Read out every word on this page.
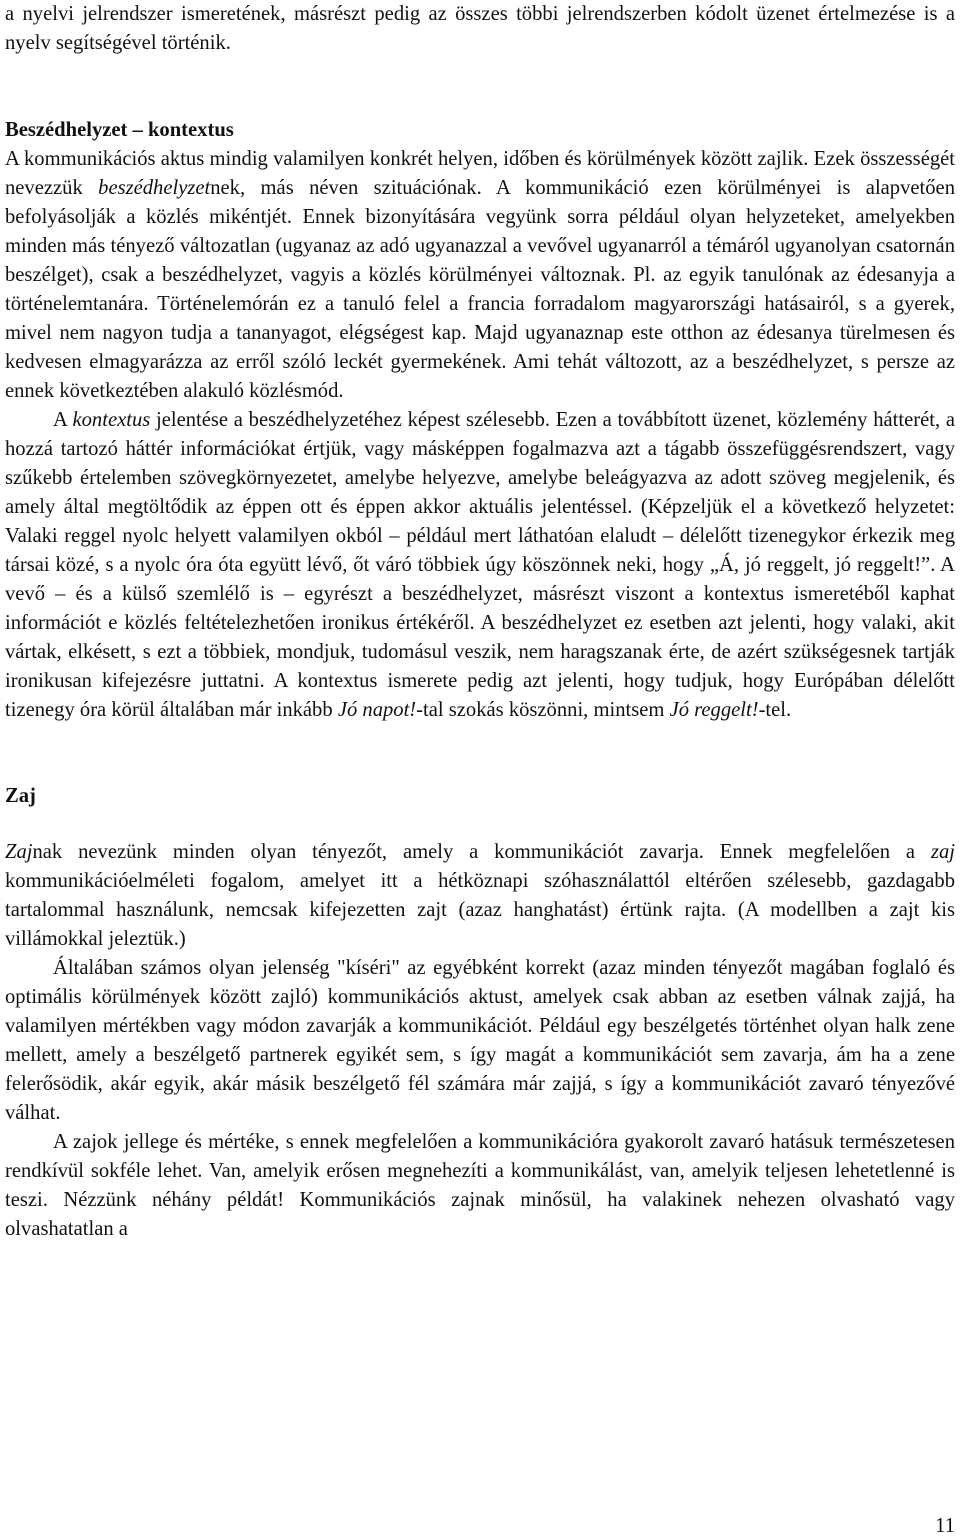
a nyelvi jelrendszer ismeretének, másrészt pedig az összes többi jelrendszerben kódolt üzenet értelmezése is a nyelv segítségével történik.

Beszédhelyzet – kontextus

A kommunikációs aktus mindig valamilyen konkrét helyen, időben és körülmények között zajlik. Ezek összességét nevezzük beszédhelyzetnek, más néven szituációnak. A kommunikáció ezen körülményei is alapvetően befolyásolják a közlés mikéntjét. Ennek bizonyítására vegyünk sorra például olyan helyzeteket, amelyekben minden más tényező változatlan (ugyanaz az adó ugyanazzal a vevővel ugyanarról a témáról ugyanolyan csatornán beszélget), csak a beszédhelyzet, vagyis a közlés körülményei változnak. Pl. az egyik tanulónak az édesanyja a történelemtanára. Történelemórán ez a tanuló felel a francia forradalom magyarországi hatásairól, s a gyerek, mivel nem nagyon tudja a tananyagot, elégségest kap. Majd ugyanaznap este otthon az édesanya türelmesen és kedvesen elmagyarázza az erről szóló leckét gyermekének. Ami tehát változott, az a beszédhelyzet, s persze az ennek következtében alakuló közlésmód.

A kontextus jelentése a beszédhelyzetéhez képest szélesebb. Ezen a továbbított üzenet, közlemény hátterét, a hozzá tartozó háttér információkat értjük, vagy másképpen fogalmazva azt a tágabb összefüggésrendszert, vagy szűkebb értelemben szövegkörnyezetet, amelybe helyezve, amelybe beleágyazva az adott szöveg megjelenik, és amely által megtöltődik az éppen ott és éppen akkor aktuális jelentéssel. (Képzeljük el a következő helyzetet: Valaki reggel nyolc helyett valamilyen okból – például mert láthatóan elaludt – délelőtt tizenegykor érkezik meg társai közé, s a nyolc óra óta együtt lévő, őt váró többiek úgy köszönnek neki, hogy „Á, jó reggelt, jó reggelt!”. A vevő – és a külső szemlélő is – egyrészt a beszédhelyzet, másrészt viszont a kontextus ismeretéből kaphat információt e közlés feltételezhetően ironikus értékéről. A beszédhelyzet ez esetben azt jelenti, hogy valaki, akit vártak, elkésett, s ezt a többiek, mondjuk, tudomásul veszik, nem haragszanak érte, de azért szükségesnek tartják ironikusan kifejezésre juttatni. A kontextus ismerete pedig azt jelenti, hogy tudjuk, hogy Európában délelőtt tizenegy óra körül általában már inkább Jó napot!-tal szokás köszönni, mintsem Jó reggelt!-tel.

Zaj

Zajnak nevezünk minden olyan tényezőt, amely a kommunikációt zavarja. Ennek megfelelően a zaj kommunikációelméleti fogalom, amelyet itt a hétköznapi szóhasználattól eltérően szélesebb, gazdagabb tartalommal használunk, nemcsak kifejezetten zajt (azaz hanghatást) értünk rajta. (A modellben a zajt kis villámokkal jeleztük.)

Általában számos olyan jelenség "kíséri" az egyébként korrekt (azaz minden tényezőt magában foglaló és optimális körülmények között zajló) kommunikációs aktust, amelyek csak abban az esetben válnak zajjá, ha valamilyen mértékben vagy módon zavarják a kommunikációt. Például egy beszélgetés történhet olyan halk zene mellett, amely a beszélgető partnerek egyikét sem, s így magát a kommunikációt sem zavarja, ám ha a zene felerősödik, akár egyik, akár másik beszélgető fél számára már zajjá, s így a kommunikációt zavaró tényezővé válhat.

A zajok jellege és mértéke, s ennek megfelelően a kommunikációra gyakorolt zavaró hatásuk természetesen rendkívül sokféle lehet. Van, amelyik erősen megnehezíti a kommunikálást, van, amelyik teljesen lehetetlenné is teszi. Nézzünk néhány példát! Kommunikációs zajnak minősül, ha valakinek nehezen olvasható vagy olvashatatlan a

11
